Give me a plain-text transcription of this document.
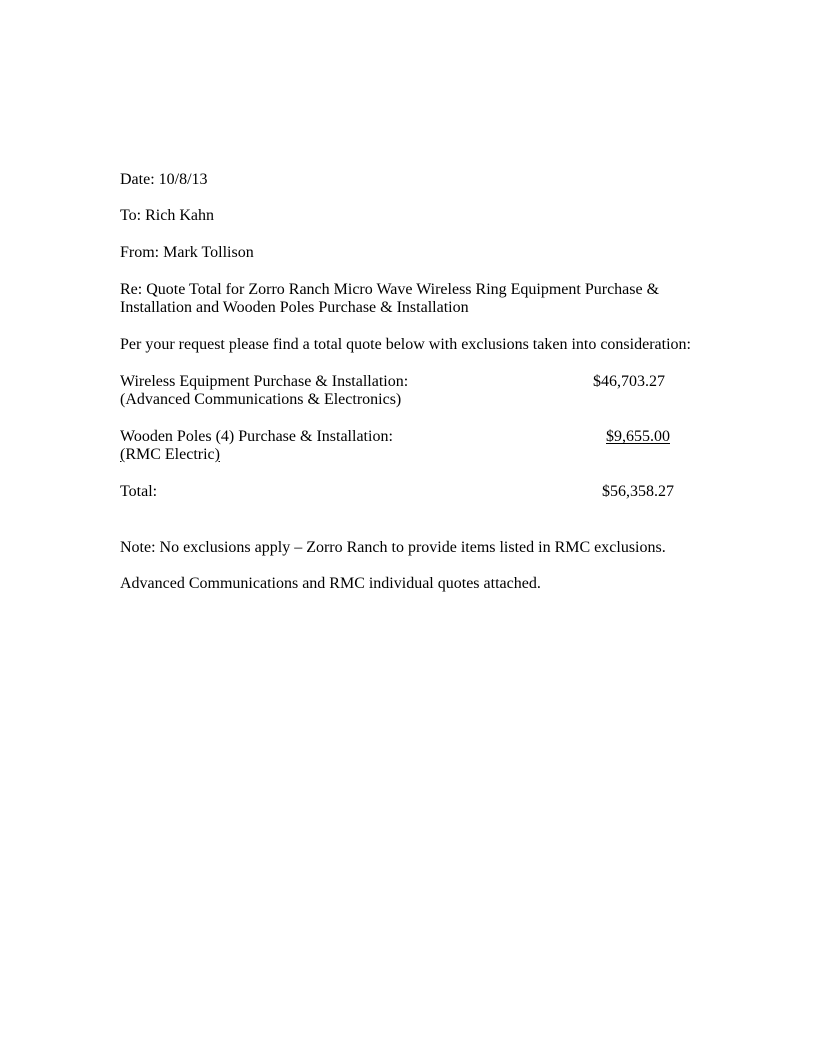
Date: 10/8/13
To: Rich Kahn
From: Mark Tollison
Re: Quote Total for Zorro Ranch Micro Wave Wireless Ring Equipment Purchase &
Installation and Wooden Poles Purchase & Installation
Per your request please find a total quote below with exclusions taken into consideration:
Wireless Equipment Purchase & Installation:	$46,703.27
(Advanced Communications & Electronics)
Wooden Poles (4) Purchase & Installation:	$9,655.00
(RMC Electric)
Total:	$56,358.27
Note: No exclusions apply – Zorro Ranch to provide items listed in RMC exclusions.
Advanced Communications and RMC individual quotes attached.
